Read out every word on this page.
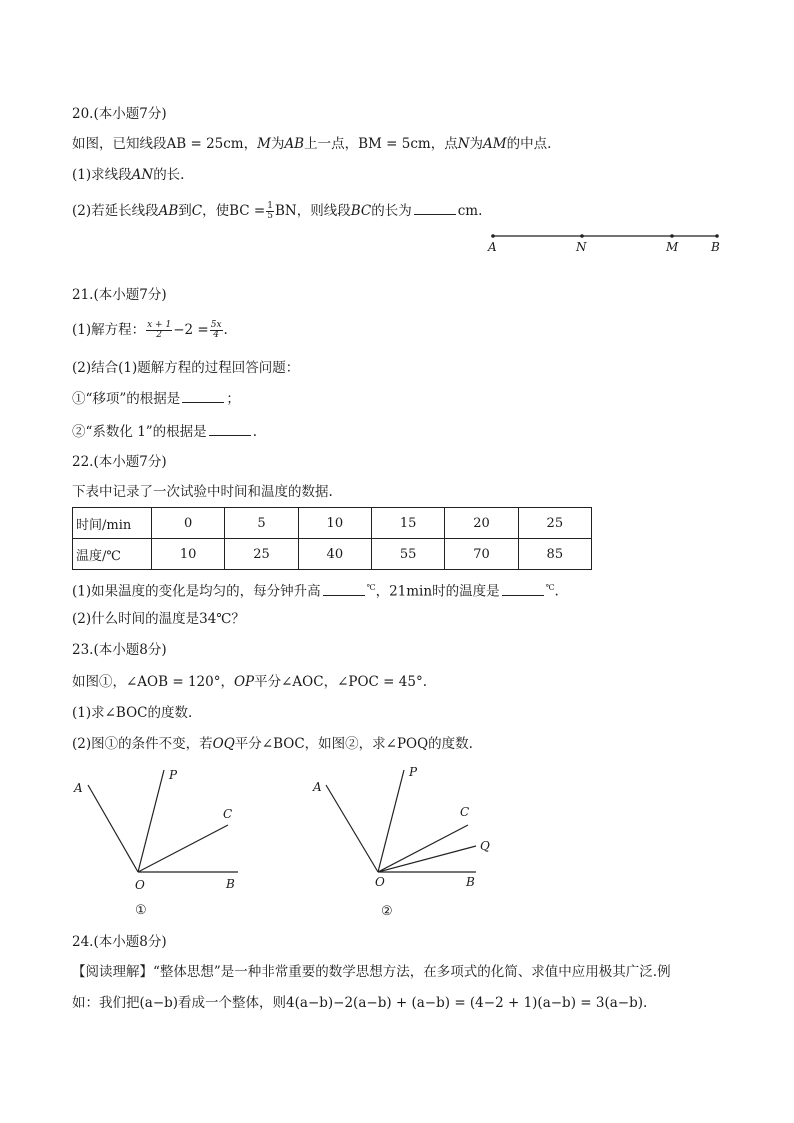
20.(本小题7分)
如图，已知线段AB = 25cm，M为AB上一点，BM = 5cm，点N为AM的中点.
(1)求线段AN的长.
(2)若延长线段AB到C，使BC = $\frac{1}{5}$ BN，则线段BC的长为	cm.
21.(本小题7分)
(1)解方程： $\frac{x + 1}{2} -2 = \frac{5x}{4}$ .
(2)结合(1)题解方程的过程回答问题：
①“移项”的根据是	；
②“系数化 1”的根据是	.
22.(本小题7分)
下表中记录了一次试验中时间和温度的数据.
时间/min	0	5	10	15	20	25
温度/℃	10	25	40	55	70	85
(1)如果温度的变化是均匀的，每分钟升高	℃，21min时的温度是	℃.
(2)什么时间的温度是34℃？
23.(本小题8分)
如图①，∠AOB = 120°，OP平分∠AOC，∠POC = 45°.
(1)求∠BOC的度数.
(2)图①的条件不变，若OQ平分∠BOC，如图②，求∠POQ的度数.
24.(本小题8分)
【阅读理解】“整体思想”是一种非常重要的数学思想方法，在多项式的化简、求值中应用极其广泛.例
如：我们把(a−b)看成一个整体，则4(a−b)−2(a−b) + (a−b) = (4−2 + 1)(a−b) = 3(a−b).
A	N	M	B
A
P
C
O	B
①
A
P
C
Q
O	B
②
